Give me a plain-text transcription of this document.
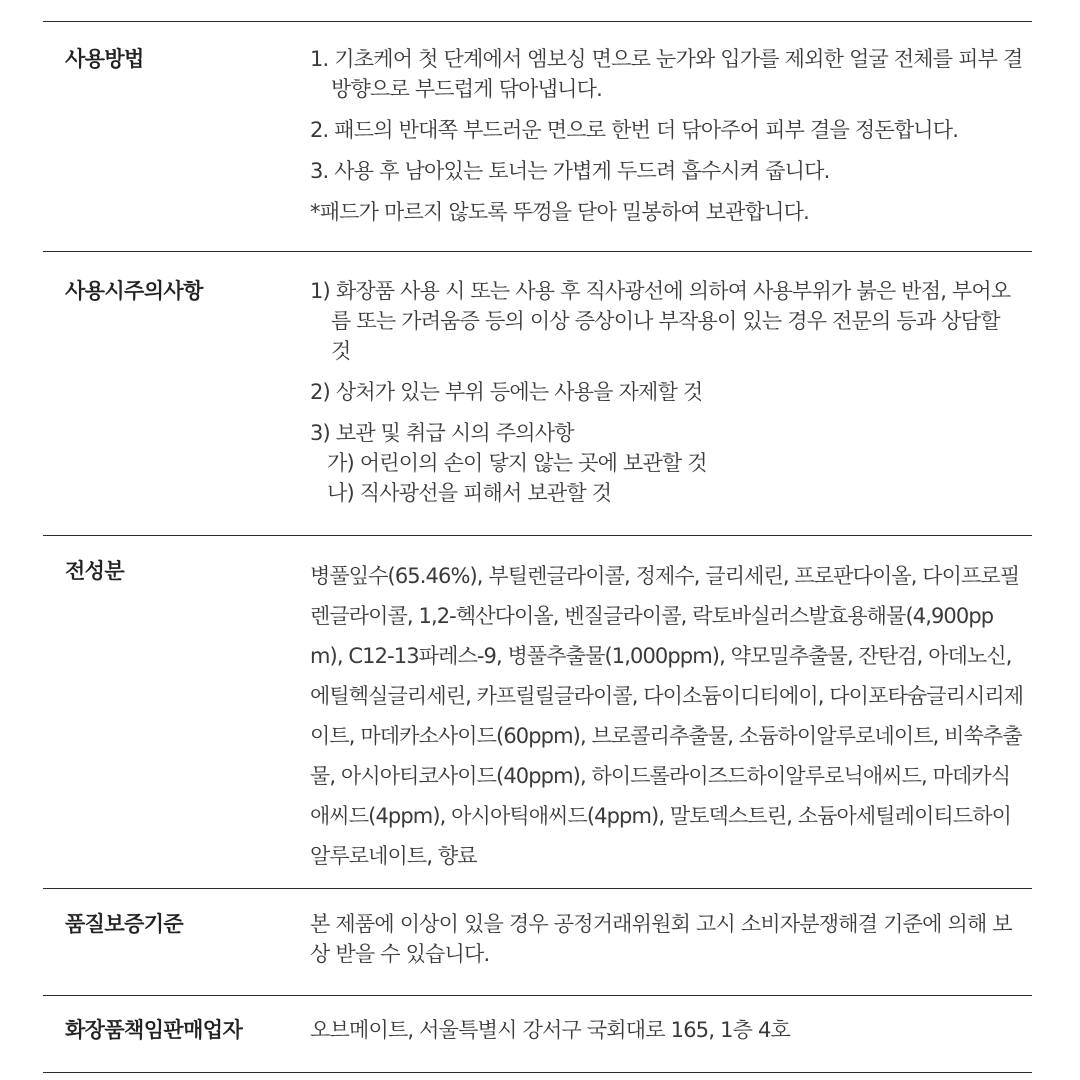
사용방법	1. 기초케어 첫 단계에서 엠보싱 면으로 눈가와 입가를 제외한 얼굴 전체를 피부 결 방향으로 부드럽게 닦아냅니다.

2. 패드의 반대쪽 부드러운 면으로 한번 더 닦아주어 피부 결을 정돈합니다.

3. 사용 후 남아있는 토너는 가볍게 두드려 흡수시켜 줍니다.

*패드가 마르지 않도록 뚜껑을 닫아 밀봉하여 보관합니다.

사용시주의사항	1) 화장품 사용 시 또는 사용 후 직사광선에 의하여 사용부위가 붉은 반점, 부어오름 또는 가려움증 등의 이상 증상이나 부작용이 있는 경우 전문의 등과 상담할 것

2) 상처가 있는 부위 등에는 사용을 자제할 것

3) 보관 및 취급 시의 주의사항

가) 어린이의 손이 닿지 않는 곳에 보관할 것

나) 직사광선을 피해서 보관할 것

전성분	병풀잎수(65.46%), 부틸렌글라이콜, 정제수, 글리세린, 프로판다이올, 다이프로필렌글라이콜, 1,2-헥산다이올, 벤질글라이콜, 락토바실러스발효용해물(4,900ppm), C12-13파레스-9, 병풀추출물(1,000ppm), 약모밀추출물, 잔탄검, 아데노신, 에틸헥실글리세린, 카프릴릴글라이콜, 다이소듐이디티에이, 다이포타슘글리시리제이트, 마데카소사이드(60ppm), 브로콜리추출물, 소듐하이알루로네이트, 비쑥추출물, 아시아티코사이드(40ppm), 하이드롤라이즈드하이알루로닉애씨드, 마데카식애씨드(4ppm), 아시아틱애씨드(4ppm), 말토덱스트린, 소듐아세틸레이티드하이알루로네이트, 향료
품질보증기준	본 제품에 이상이 있을 경우 공정거래위원회 고시 소비자분쟁해결 기준에 의해 보상 받을 수 있습니다.
화장품책임판매업자	오브메이트, 서울특별시 강서구 국회대로 165, 1층 4호
